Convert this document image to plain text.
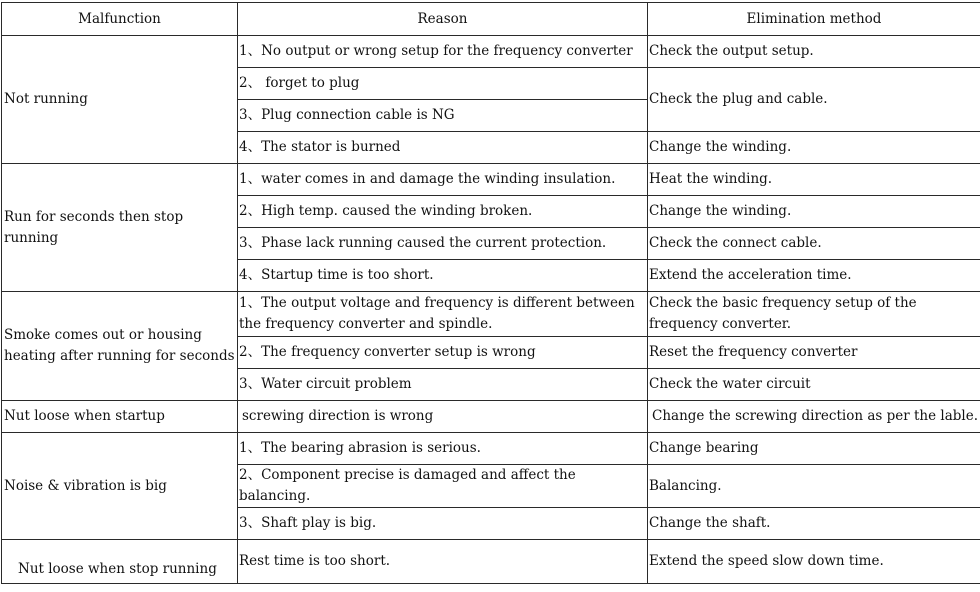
Malfunction	Reason	Elimination method
Not running	1、No output or wrong setup for the frequency converter	Check the output setup.
	2、 forget to plug	Check the plug and cable.
	3、Plug connection cable is NG	
	4、The stator is burned	Change the winding.
Run for seconds then stop running	1、water comes in and damage the winding insulation.	Heat the winding.
	2、High temp. caused the winding broken.	Change the winding.
	3、Phase lack running caused the current protection.	Check the connect cable.
	4、Startup time is too short.	Extend the acceleration time.
Smoke comes out or housing heating after running for seconds	1、The output voltage and frequency is different between the frequency converter and spindle.	Check the basic frequency setup of the frequency converter.
	2、The frequency converter setup is wrong	Reset the frequency converter
	3、Water circuit problem	Check the water circuit
Nut loose when startup	screwing direction is wrong	Change the screwing direction as per the lable.
Noise & vibration is big	1、The bearing abrasion is serious.	Change bearing
	2、Component precise is damaged and affect the balancing.	Balancing.
	3、Shaft play is big.	Change the shaft.
Nut loose when stop running	Rest time is too short.	Extend the speed slow down time.
